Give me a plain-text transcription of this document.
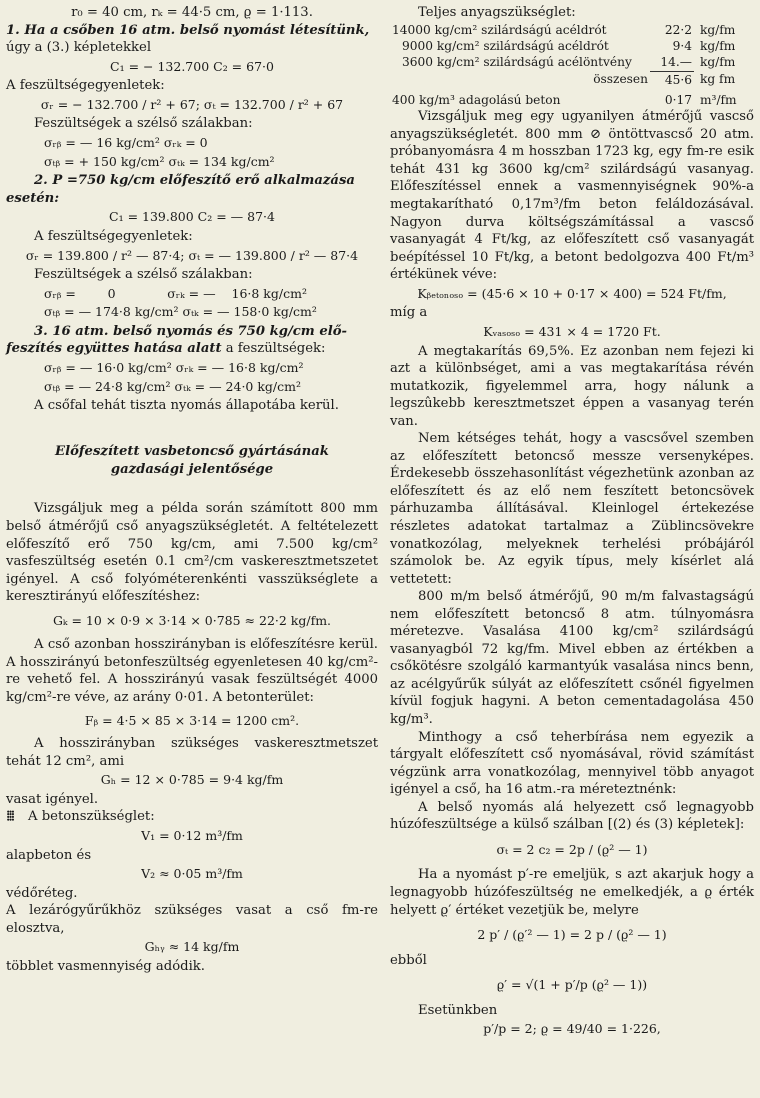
r₀ = 40 cm, rₖ = 44·5 cm, ϱ = 1·113.

1. Ha a csőben 16 atm. belső nyomást létesítünk,

úgy a (3.) képletekkel

C₁ = − 132.700 C₂ = 67·0

A feszültségegyenletek:

σᵣ = − 132.700 / r² + 67; σₜ = 132.700 / r² + 67

Feszültségek a szélső szálakban:

σᵣᵦ = — 16 kg/cm² σᵣₖ = 0

σₜᵦ = + 150 kg/cm² σₜₖ = 134 kg/cm²

2. P =750 kg/cm előfeszítő erő alkalmazása

esetén:

C₁ = 139.800 C₂ = — 87·4

A feszültségegyenletek:

σᵣ = 139.800 / r² — 87·4; σₜ = — 139.800 / r² — 87·4

Feszültségek a szélső szálakban:

σᵣᵦ =        0             σᵣₖ = —    16·8 kg/cm²

σₜᵦ = — 174·8 kg/cm² σₜₖ = — 158·0 kg/cm²

3. 16 atm. belső nyomás és 750 kg/cm elő-

feszítés együttes hatása alatt a feszültségek:

σᵣᵦ = — 16·0 kg/cm² σᵣₖ = — 16·8 kg/cm²

σₜᵦ = — 24·8 kg/cm² σₜₖ = — 24·0 kg/cm²

A csőfal tehát tiszta nyomás állapotába kerül.

Előfeszített vasbetoncső gyártásának gazdasági jelentősége

Vizsgáljuk meg a példa során számított 800 mm belső átmérőjű cső anyagszükségletét. A feltételezett előfeszítő erő 750 kg/cm, ami 7.500 kg/cm² vasfeszültség esetén 0.1 cm²/cm vaskeresztmetszetet igényel. A cső folyóméterenkénti vasszükséglete a keresztirányú előfeszítéshez:

Gₖ = 10 × 0·9 × 3·14 × 0·785 ≈ 22·2 kg/fm.

A cső azonban hosszirányban is előfeszítésre kerül. A hosszirányú betonfeszültség egyenletesen 40 kg/cm²-re vehető fel. A hosszirányú vasak feszültségét 4000 kg/cm²-re véve, az arány 0·01. A betonterület:

Fᵦ = 4·5 × 85 × 3·14 = 1200 cm².

A hosszirányban szükséges vaskeresztmetszet tehát 12 cm², ami

Gₕ = 12 × 0·785 = 9·4 kg/fm

vasat igényel.

⁞⁞⁞ A betonszükséglet:

V₁ = 0·12 m³/fm

alapbeton és

V₂ ≈ 0·05 m³/fm

védőréteg.

A lezárógyűrűkhöz szükséges vasat a cső fm-re elosztva,

Gₕᵧ ≈ 14 kg/fm

többlet vasmennyiség adódik.

Teljes anyagszükséglet:

14000 kg/cm² szilárdságú acéldrót	22·2	kg/fm
9000 kg/cm² szilárdságú acéldrót	9·4	kg/fm
3600 kg/cm² szilárdságú acélöntvény	14.—	kg/fm
összesen	45·6	kg fm
400 kg/m³ adagolású beton	0·17	m³/fm

Vizsgáljuk meg egy ugyanilyen átmérőjű vascső anyagszükségletét. 800 mm ⊘ öntöttvascső 20 atm. próbanyomásra 4 m hosszban 1723 kg, egy fm-re esik tehát 431 kg 3600 kg/cm² szilárdságú vasanyag. Előfeszítéssel ennek a vasmennyiségnek 90%-a megtakarítható 0,17m³/fm beton feláldozásával. Nagyon durva költségszámítással a vascső vasanyagát 4 Ft/kg, az előfeszített cső vasanyagát beépítéssel 10 Ft/kg, a betont bedolgozva 400 Ft/m³ értékünek véve:

Kᵦₑₜₒₙₒₛₒ = (45·6 × 10 + 0·17 × 400) = 524 Ft/fm,

míg a

Kᵥₐₛₒₛₒ = 431 × 4 = 1720 Ft.

A megtakarítás 69,5%. Ez azonban nem fejezi ki azt a különbséget, ami a vas megtakarítása révén mutatkozik, figyelemmel arra, hogy nálunk a legszûkebb keresztmetszet éppen a vasanyag terén van.

Nem kétséges tehát, hogy a vascsővel szemben az előfeszített betoncső messze versenyképes. Érdekesebb összehasonlítást végezhetünk azonban az előfeszített és az elő nem feszített betoncsövek párhuzamba állításával. Kleinlogel értekezése részletes adatokat tartalmaz a Züblincsövekre vonatkozólag, melyeknek terhelési próbájáról számolok be. Az egyik típus, mely kísérlet alá vettetett:

800 m/m belső átmérőjű, 90 m/m falvastagságú nem előfeszített betoncső 8 atm. túlnyomásra méretezve. Vasalása 4100 kg/cm² szilárdságú vasanyagból 72 kg/fm. Mivel ebben az értékben a csőkötésre szolgáló karmantyúk vasalása nincs benn, az acélgyűrűk súlyát az előfeszített csőnél figyelmen kívül fogjuk hagyni. A beton cementadagolása 450 kg/m³.

Minthogy a cső teherbírása nem egyezik a tárgyalt előfeszített cső nyomásával, rövid számítást végzünk arra vonatkozólag, mennyivel több anyagot igényel a cső, ha 16 atm.-ra méreteztnénk:

A belső nyomás alá helyezett cső legnagyobb húzófeszültsége a külső szálban [(2) és (3) képletek]:

σₜ = 2 c₂ = 2p / (ϱ² — 1)

Ha a nyomást p′-re emeljük, s azt akarjuk hogy a legnagyobb húzófeszültség ne emelkedjék, a ϱ érték helyett ϱ′ értéket vezetjük be, melyre

2 p′ / (ϱ′² — 1) = 2 p / (ϱ² — 1)

ebből

ϱ′ = √(1 + p′/p (ϱ² — 1))

Esetünkben

p′/p = 2; ϱ = 49/40 = 1·226,
